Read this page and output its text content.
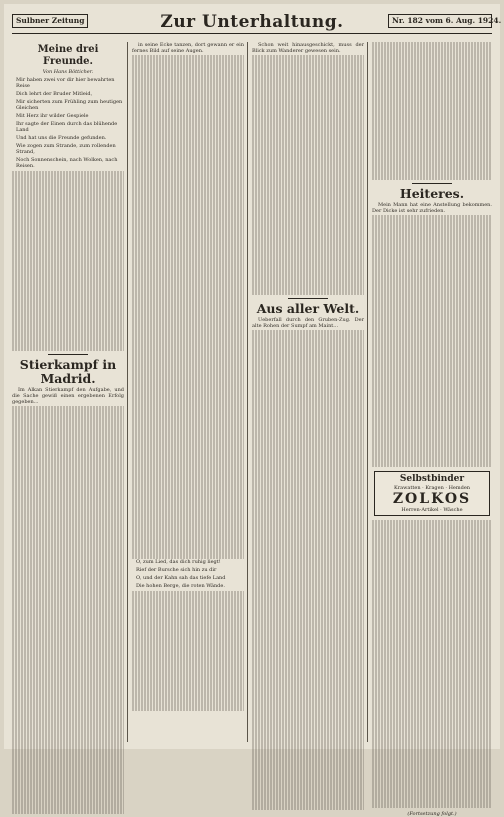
Sulbner Zeitung	Zur Unterhaltung.	Nr. 182 vom 6. Aug. 1924.
Meine drei Freunde.
Von Hans Bötticher.
Mir haben zwei vor dir hier bewahrten Reise
Dich lehrt der Bruder Mitleid,
Mir sicherten zum Frühling zum heutigen Gleichen
Mit Herz ihr wilder Gespiele
Ihr sagte der Einen durch das blühende Land
Und hat uns die Freunde gefunden.
Wie zogen zum Strande, zum rollenden Strand,
Noch Sonnenschein, nach Wolken, nach Reisen.
Stierkampf in Madrid.
Im Alkan Stierkampf den Aufgabe, und die Sache gewiß einen ergebenen Erfolg gegeben...
in seine Ecke tanzen, dort gewann er ein fernes Bild auf seine Augen.
O, zum Lied, das dich ruhig liegt!
Rief der Bursche sich hin zu dir
O, und der Kahn sah das tiefe Land
Die hohen Berge, die roten Wände.
Schon weit hinausgeschickt, muss der Blick zum Wanderer gewesen sein.
Aus aller Welt.
Ueberfall durch den Gruben-Zug. Der alte Rohen der Sumpf am Maint...
Heiteres.
Mein Mann hat eine Anstellung bekommen. Der Dicke ist sehr zufrieden.
Selbstbinder
Krawatten · Kragen · Hemden
ZOLKOS
Herren-Artikel · Wäsche
(Fortsetzung folgt.)
